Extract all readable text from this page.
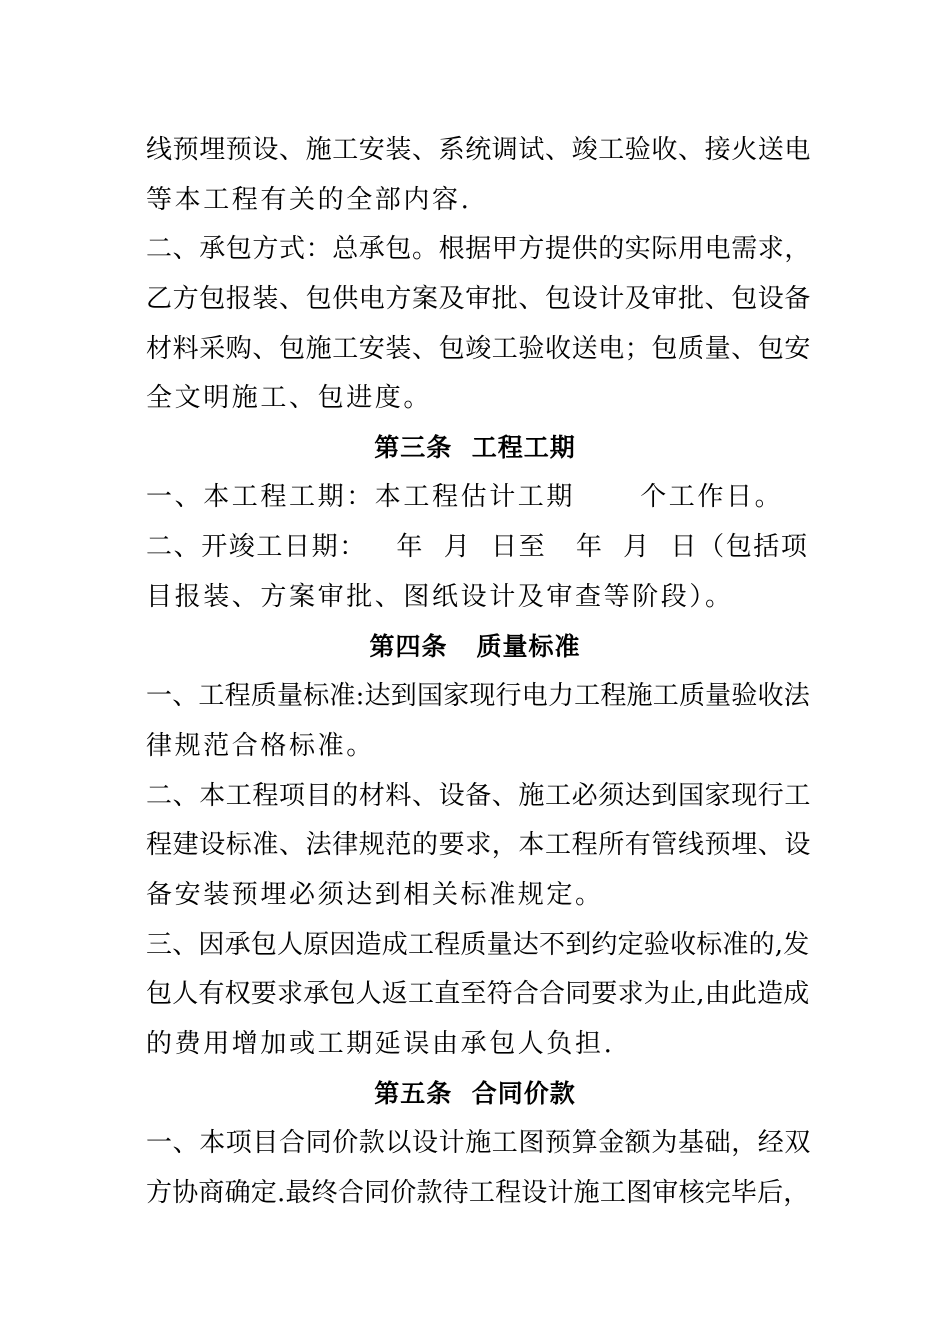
线预埋预设、施工安装、系统调试、竣工验收、接火送电
等本工程有关的全部内容.
二、承包方式：总承包。根据甲方提供的实际用电需求，
乙方包报装、包供电方案及审批、包设计及审批、包设备
材料采购、包施工安装、包竣工验收送电；包质量、包安
全文明施工、包进度。
第三条  工程工期
一、本工程工期：本工程估计工期      个工作日。
二、开竣工日期：   年  月  日至   年  月  日（包括项
目报装、方案审批、图纸设计及审查等阶段）。
第四条   质量标准
一、工程质量标准:达到国家现行电力工程施工质量验收法
律规范合格标准。
二、本工程项目的材料、设备、施工必须达到国家现行工
程建设标准、法律规范的要求，本工程所有管线预埋、设
备安装预埋必须达到相关标准规定。
三、因承包人原因造成工程质量达不到约定验收标准的,发
包人有权要求承包人返工直至符合合同要求为止,由此造成
的费用增加或工期延误由承包人负担.
第五条  合同价款
一、本项目合同价款以设计施工图预算金额为基础，经双
方协商确定.最终合同价款待工程设计施工图审核完毕后，
